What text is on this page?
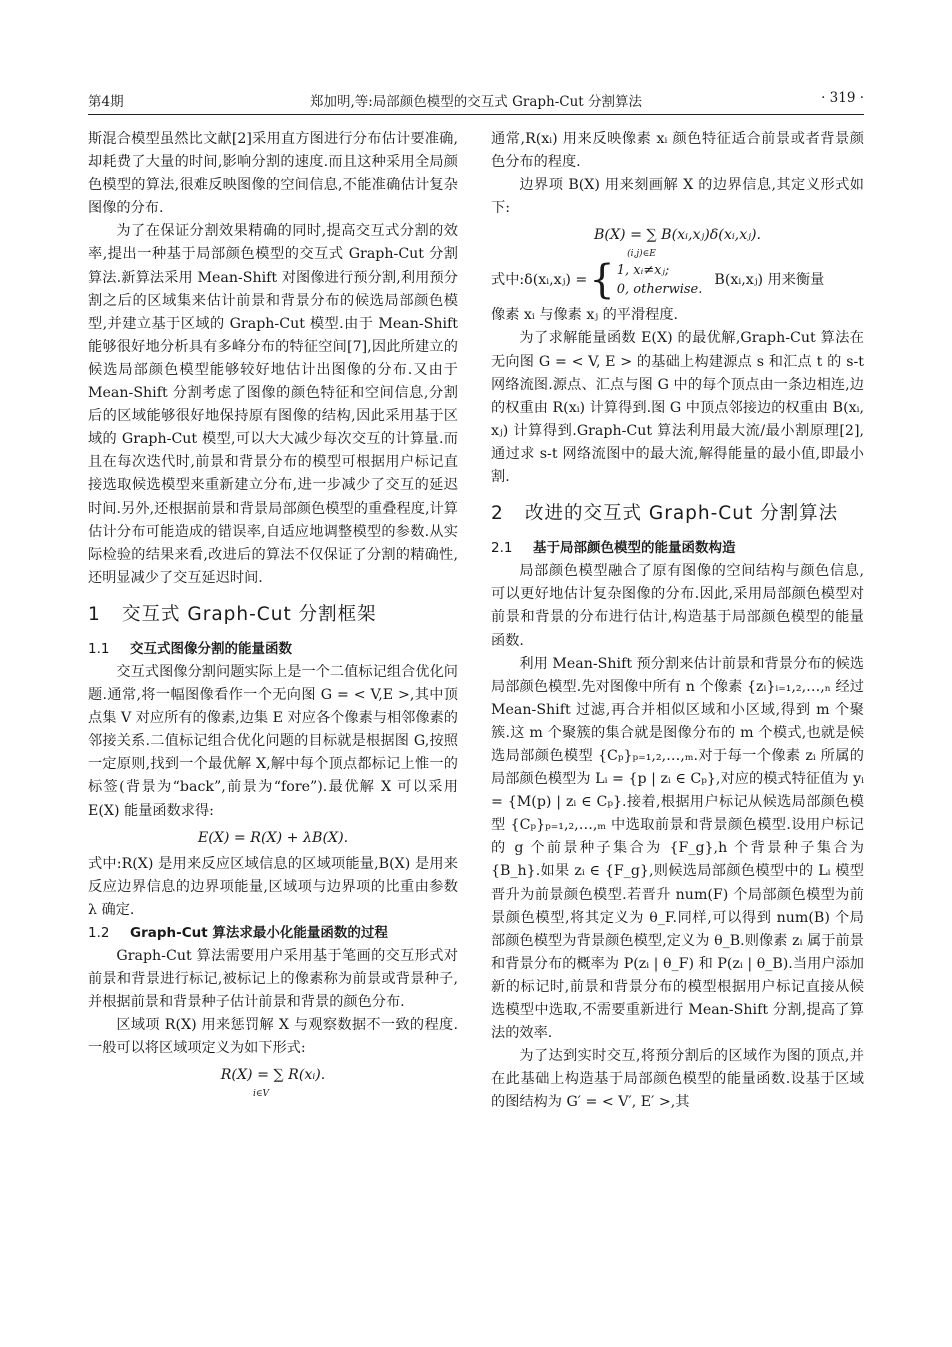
第4期	郑加明,等:局部颜色模型的交互式 Graph-Cut 分割算法	· 319 ·

斯混合模型虽然比文献[2]采用直方图进行分布估计要准确,却耗费了大量的时间,影响分割的速度.而且这种采用全局颜色模型的算法,很难反映图像的空间信息,不能准确估计复杂图像的分布.

为了在保证分割效果精确的同时,提高交互式分割的效率,提出一种基于局部颜色模型的交互式 Graph-Cut 分割算法.新算法采用 Mean-Shift 对图像进行预分割,利用预分割之后的区域集来估计前景和背景分布的候选局部颜色模型,并建立基于区域的 Graph-Cut 模型.由于 Mean-Shift 能够很好地分析具有多峰分布的特征空间[7],因此所建立的候选局部颜色模型能够较好地估计出图像的分布.又由于 Mean-Shift 分割考虑了图像的颜色特征和空间信息,分割后的区域能够很好地保持原有图像的结构,因此采用基于区域的 Graph-Cut 模型,可以大大减少每次交互的计算量.而且在每次迭代时,前景和背景分布的模型可根据用户标记直接选取候选模型来重新建立分布,进一步减少了交互的延迟时间.另外,还根据前景和背景局部颜色模型的重叠程度,计算估计分布可能造成的错误率,自适应地调整模型的参数.从实际检验的结果来看,改进后的算法不仅保证了分割的精确性,还明显减少了交互延迟时间.

1 交互式 Graph-Cut 分割框架
1.1 交互式图像分割的能量函数

交互式图像分割问题实际上是一个二值标记组合优化问题.通常,将一幅图像看作一个无向图 G = < V,E >,其中顶点集 V 对应所有的像素,边集 E 对应各个像素与相邻像素的邻接关系.二值标记组合优化问题的目标就是根据图 G,按照一定原则,找到一个最优解 X,解中每个顶点都标记上惟一的标签(背景为“back”,前景为“fore”).最优解 X 可以采用 E(X) 能量函数求得:

E(X) = R(X) + λB(X).

式中:R(X) 是用来反应区域信息的区域项能量,B(X) 是用来反应边界信息的边界项能量,区域项与边界项的比重由参数 λ 确定.

1.2 Graph-Cut 算法求最小化能量函数的过程

Graph-Cut 算法需要用户采用基于笔画的交互形式对前景和背景进行标记,被标记上的像素称为前景或背景种子,并根据前景和背景种子估计前景和背景的颜色分布.

区域项 R(X) 用来惩罚解 X 与观察数据不一致的程度.一般可以将区域项定义为如下形式:

R(X) = ∑ R(xᵢ).
i∈V

通常,R(xᵢ) 用来反映像素 xᵢ 颜色特征适合前景或者背景颜色分布的程度.

边界项 B(X) 用来刻画解 X 的边界信息,其定义形式如下:

B(X) = ∑ B(xᵢ,xⱼ)δ(xᵢ,xⱼ).
(i,j)∈E
式中:δ(xᵢ,xⱼ) = { 1, xᵢ≠xⱼ;
0, otherwise.
B(xᵢ,xⱼ) 用来衡量

像素 xᵢ 与像素 xⱼ 的平滑程度.

为了求解能量函数 E(X) 的最优解,Graph-Cut 算法在无向图 G = < V, E > 的基础上构建源点 s 和汇点 t 的 s-t 网络流图.源点、汇点与图 G 中的每个顶点由一条边相连,边的权重由 R(xᵢ) 计算得到.图 G 中顶点邻接边的权重由 B(xᵢ, xⱼ) 计算得到.Graph-Cut 算法利用最大流/最小割原理[2],通过求 s-t 网络流图中的最大流,解得能量的最小值,即最小割.

2 改进的交互式 Graph-Cut 分割算法
2.1 基于局部颜色模型的能量函数构造

局部颜色模型融合了原有图像的空间结构与颜色信息,可以更好地估计复杂图像的分布.因此,采用局部颜色模型对前景和背景的分布进行估计,构造基于局部颜色模型的能量函数.

利用 Mean-Shift 预分割来估计前景和背景分布的候选局部颜色模型.先对图像中所有 n 个像素 {zᵢ}ᵢ₌₁,₂,…,ₙ 经过 Mean-Shift 过滤,再合并相似区域和小区域,得到 m 个聚簇.这 m 个聚簇的集合就是图像分布的 m 个模式,也就是候选局部颜色模型 {Cₚ}ₚ₌₁,₂,…,ₘ.对于每一个像素 zᵢ 所属的局部颜色模型为 Lᵢ = {p | zᵢ ∈ Cₚ},对应的模式特征值为 yᵢ = {M(p) | zᵢ ∈ Cₚ}.接着,根据用户标记从候选局部颜色模型 {Cₚ}ₚ₌₁,₂,…,ₘ 中选取前景和背景颜色模型.设用户标记的 g 个前景种子集合为 {F_g},h 个背景种子集合为 {B_h}.如果 zᵢ ∈ {F_g},则候选局部颜色模型中的 Lᵢ 模型晋升为前景颜色模型.若晋升 num(F) 个局部颜色模型为前景颜色模型,将其定义为 θ_F.同样,可以得到 num(B) 个局部颜色模型为背景颜色模型,定义为 θ_B.则像素 zᵢ 属于前景和背景分布的概率为 P(zᵢ | θ_F) 和 P(zᵢ | θ_B).当用户添加新的标记时,前景和背景分布的模型根据用户标记直接从候选模型中选取,不需要重新进行 Mean-Shift 分割,提高了算法的效率.

为了达到实时交互,将预分割后的区域作为图的顶点,并在此基础上构造基于局部颜色模型的能量函数.设基于区域的图结构为 G′ = < V′, E′ >,其
